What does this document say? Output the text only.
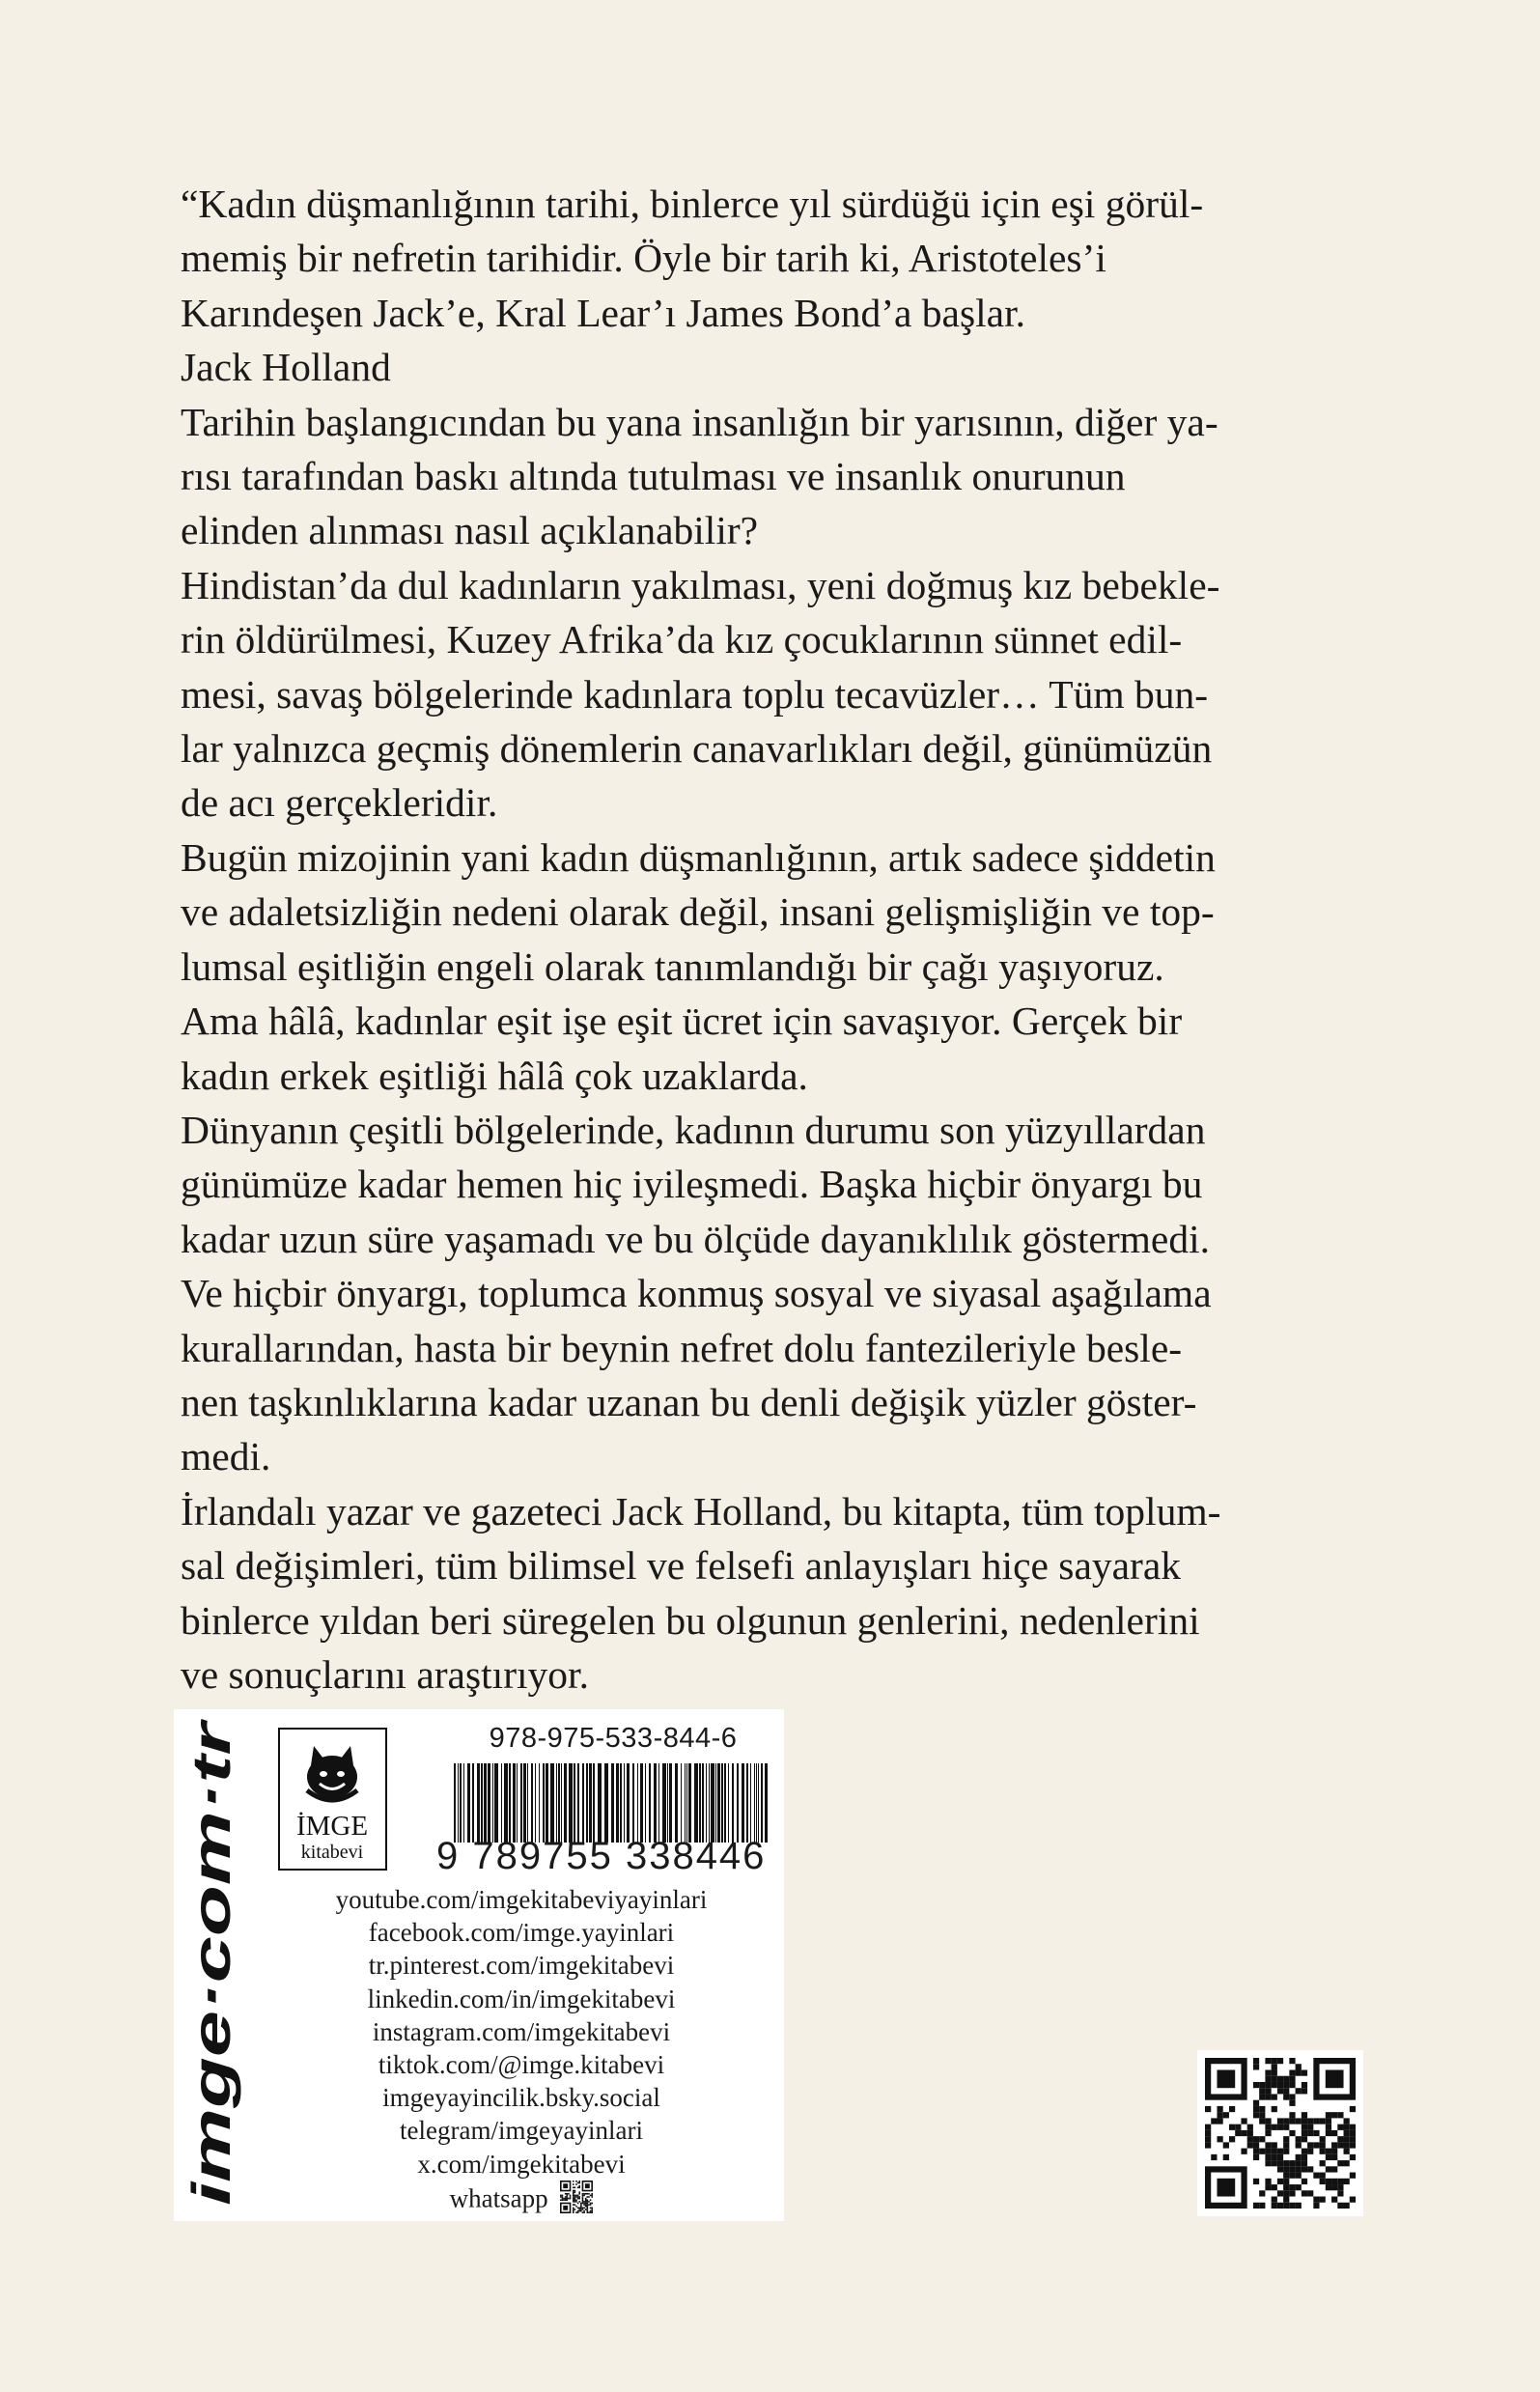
“Kadın düşmanlığının tarihi, binlerce yıl sürdüğü için eşi görül-
memiş bir nefretin tarihidir. Öyle bir tarih ki, Aristoteles’i
Karındeşen Jack’e, Kral Lear’ı James Bond’a başlar.

Jack Holland

Tarihin başlangıcından bu yana insanlığın bir yarısının, diğer ya-
rısı tarafından baskı altında tutulması ve insanlık onurunun
elinden alınması nasıl açıklanabilir?

Hindistan’da dul kadınların yakılması, yeni doğmuş kız bebekle-
rin öldürülmesi, Kuzey Afrika’da kız çocuklarının sünnet edil-
mesi, savaş bölgelerinde kadınlara toplu tecavüzler… Tüm bun-
lar yalnızca geçmiş dönemlerin canavarlıkları değil, günümüzün
de acı gerçekleridir.

Bugün mizojinin yani kadın düşmanlığının, artık sadece şiddetin
ve adaletsizliğin nedeni olarak değil, insani gelişmişliğin ve top-
lumsal eşitliğin engeli olarak tanımlandığı bir çağı yaşıyoruz.

Ama hâlâ, kadınlar eşit işe eşit ücret için savaşıyor. Gerçek bir
kadın erkek eşitliği hâlâ çok uzaklarda.

Dünyanın çeşitli bölgelerinde, kadının durumu son yüzyıllardan
günümüze kadar hemen hiç iyileşmedi. Başka hiçbir önyargı bu
kadar uzun süre yaşamadı ve bu ölçüde dayanıklılık göstermedi.
Ve hiçbir önyargı, toplumca konmuş sosyal ve siyasal aşağılama
kurallarından, hasta bir beynin nefret dolu fantezileriyle besle-
nen taşkınlıklarına kadar uzanan bu denli değişik yüzler göster-
medi.

İrlandalı yazar ve gazeteci Jack Holland, bu kitapta, tüm toplum-
sal değişimleri, tüm bilimsel ve felsefi anlayışları hiçe sayarak
binlerce yıldan beri süregelen bu olgunun genlerini, nedenlerini
ve sonuçlarını araştırıyor.

imge·com·tr
İMGE
kitabevi
978-975-533-844-6
9 789755 338446
youtube.com/imgekitabeviyayinlari
facebook.com/imge.yayinlari
tr.pinterest.com/imgekitabevi
linkedin.com/in/imgekitabevi
instagram.com/imgekitabevi
tiktok.com/@imge.kitabevi
imgeyayincilik.bsky.social
telegram/imgeyayinlari
x.com/imgekitabevi
whatsapp
